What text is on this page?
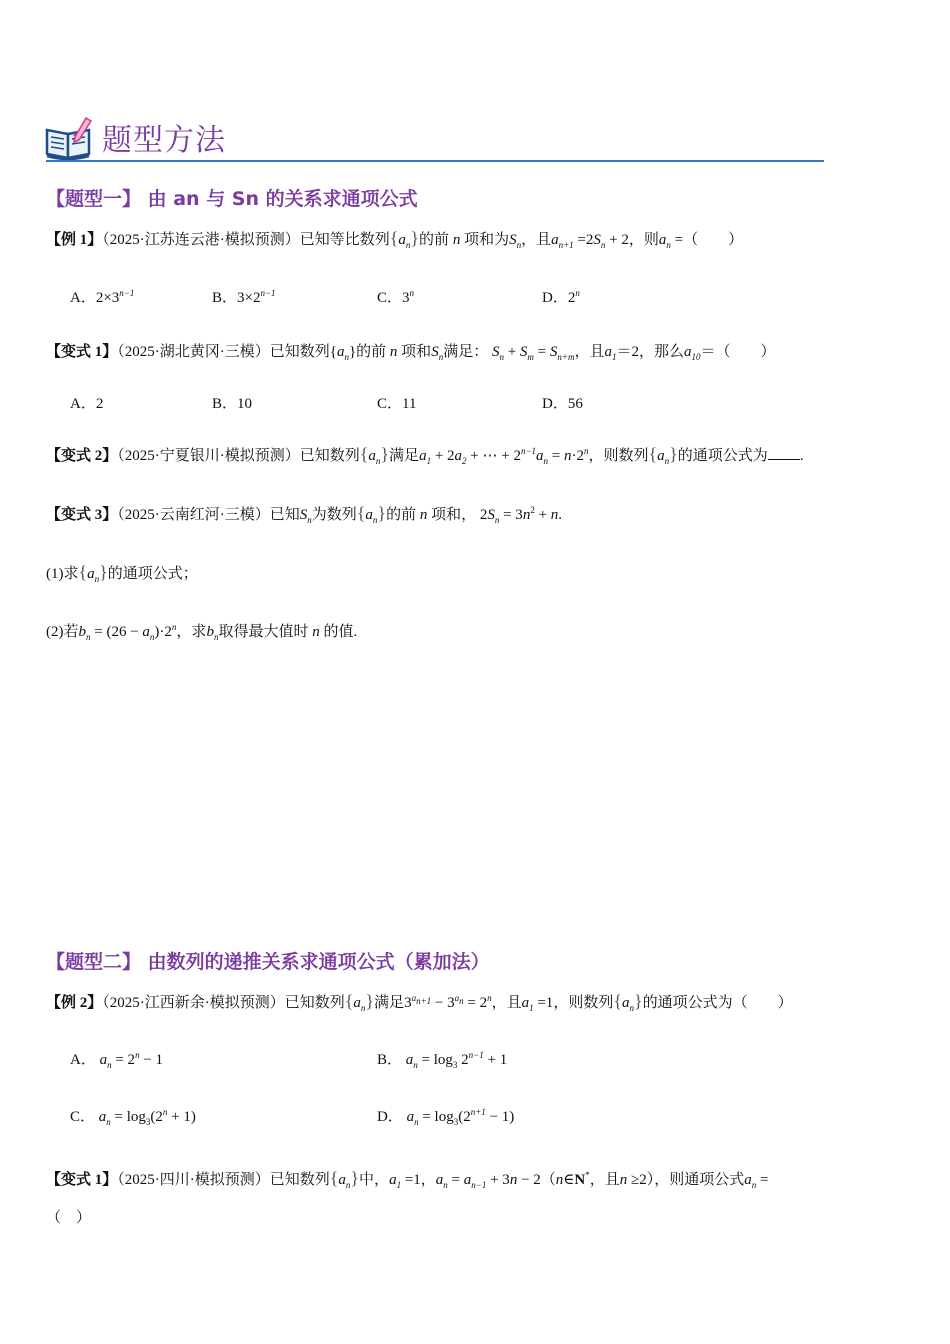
题型方法
【题型一】 由 an 与 Sn 的关系求通项公式
【例 1】（2025·江苏连云港·模拟预测）已知等比数列$\{a_n\}$的前 n 项和为$S_n$，且$a_{n+1} =2S_n + 2$，则$a_n$ =（　　）
A．$2\times 3^{n-1}$	B．$3\times 2^{n-1}$	C．3$^n$	D．2$^n$
【变式 1】（2025·湖北黄冈·三模）已知数列$\{a_n\}$的前 n 项和$S_n$满足： $S_n + S_m = S_{n+m}$，且$a_1=2$，那么$a_{10}=$（　　）
A．2	B．10	C．11	D．56
【变式 2】（2025·宁夏银川·模拟预测）已知数列$\{a_n\}$满足$a_1 + 2a_2$ + ⋯ + $2^{n-1}a_n = n\cdot 2^n$，则数列$\{a_n\}$的通项公式为 .
【变式 3】（2025·云南红河·三模）已知$S_n$为数列$\{a_n\}$的前 n 项和， $2S_n = 3n^2 + n$.
(1)求$\{a_n\}$的通项公式；
(2)若$b_n = (26 - a_n)\cdot 2^n$，求$b_n$取得最大值时 n 的值.
【题型二】 由数列的递推关系求通项公式（累加法）
【例 2】（2025·江西新余·模拟预测）已知数列$\{a_n\}$满足$3^{a_{n+1}} - 3^{a_n} = 2^n$，且$a_1 =1$，则数列$\{a_n\}$的通项公式为（　　）
A． $a_n = 2^n - 1$	B． $a_n = \log_3 2^{n-1} + 1$
C． $a_n = \log_3(2^n + 1)$	D． $a_n = \log_3(2^{n+1} - 1)$
【变式 1】（2025·四川·模拟预测）已知数列$\{a_n\}$中，$a_1 =1$，$a_n = a_{n-1} + 3n$ − 2（n∈N*，且n ≥2），则通项公式$a_n$ =
（　）
